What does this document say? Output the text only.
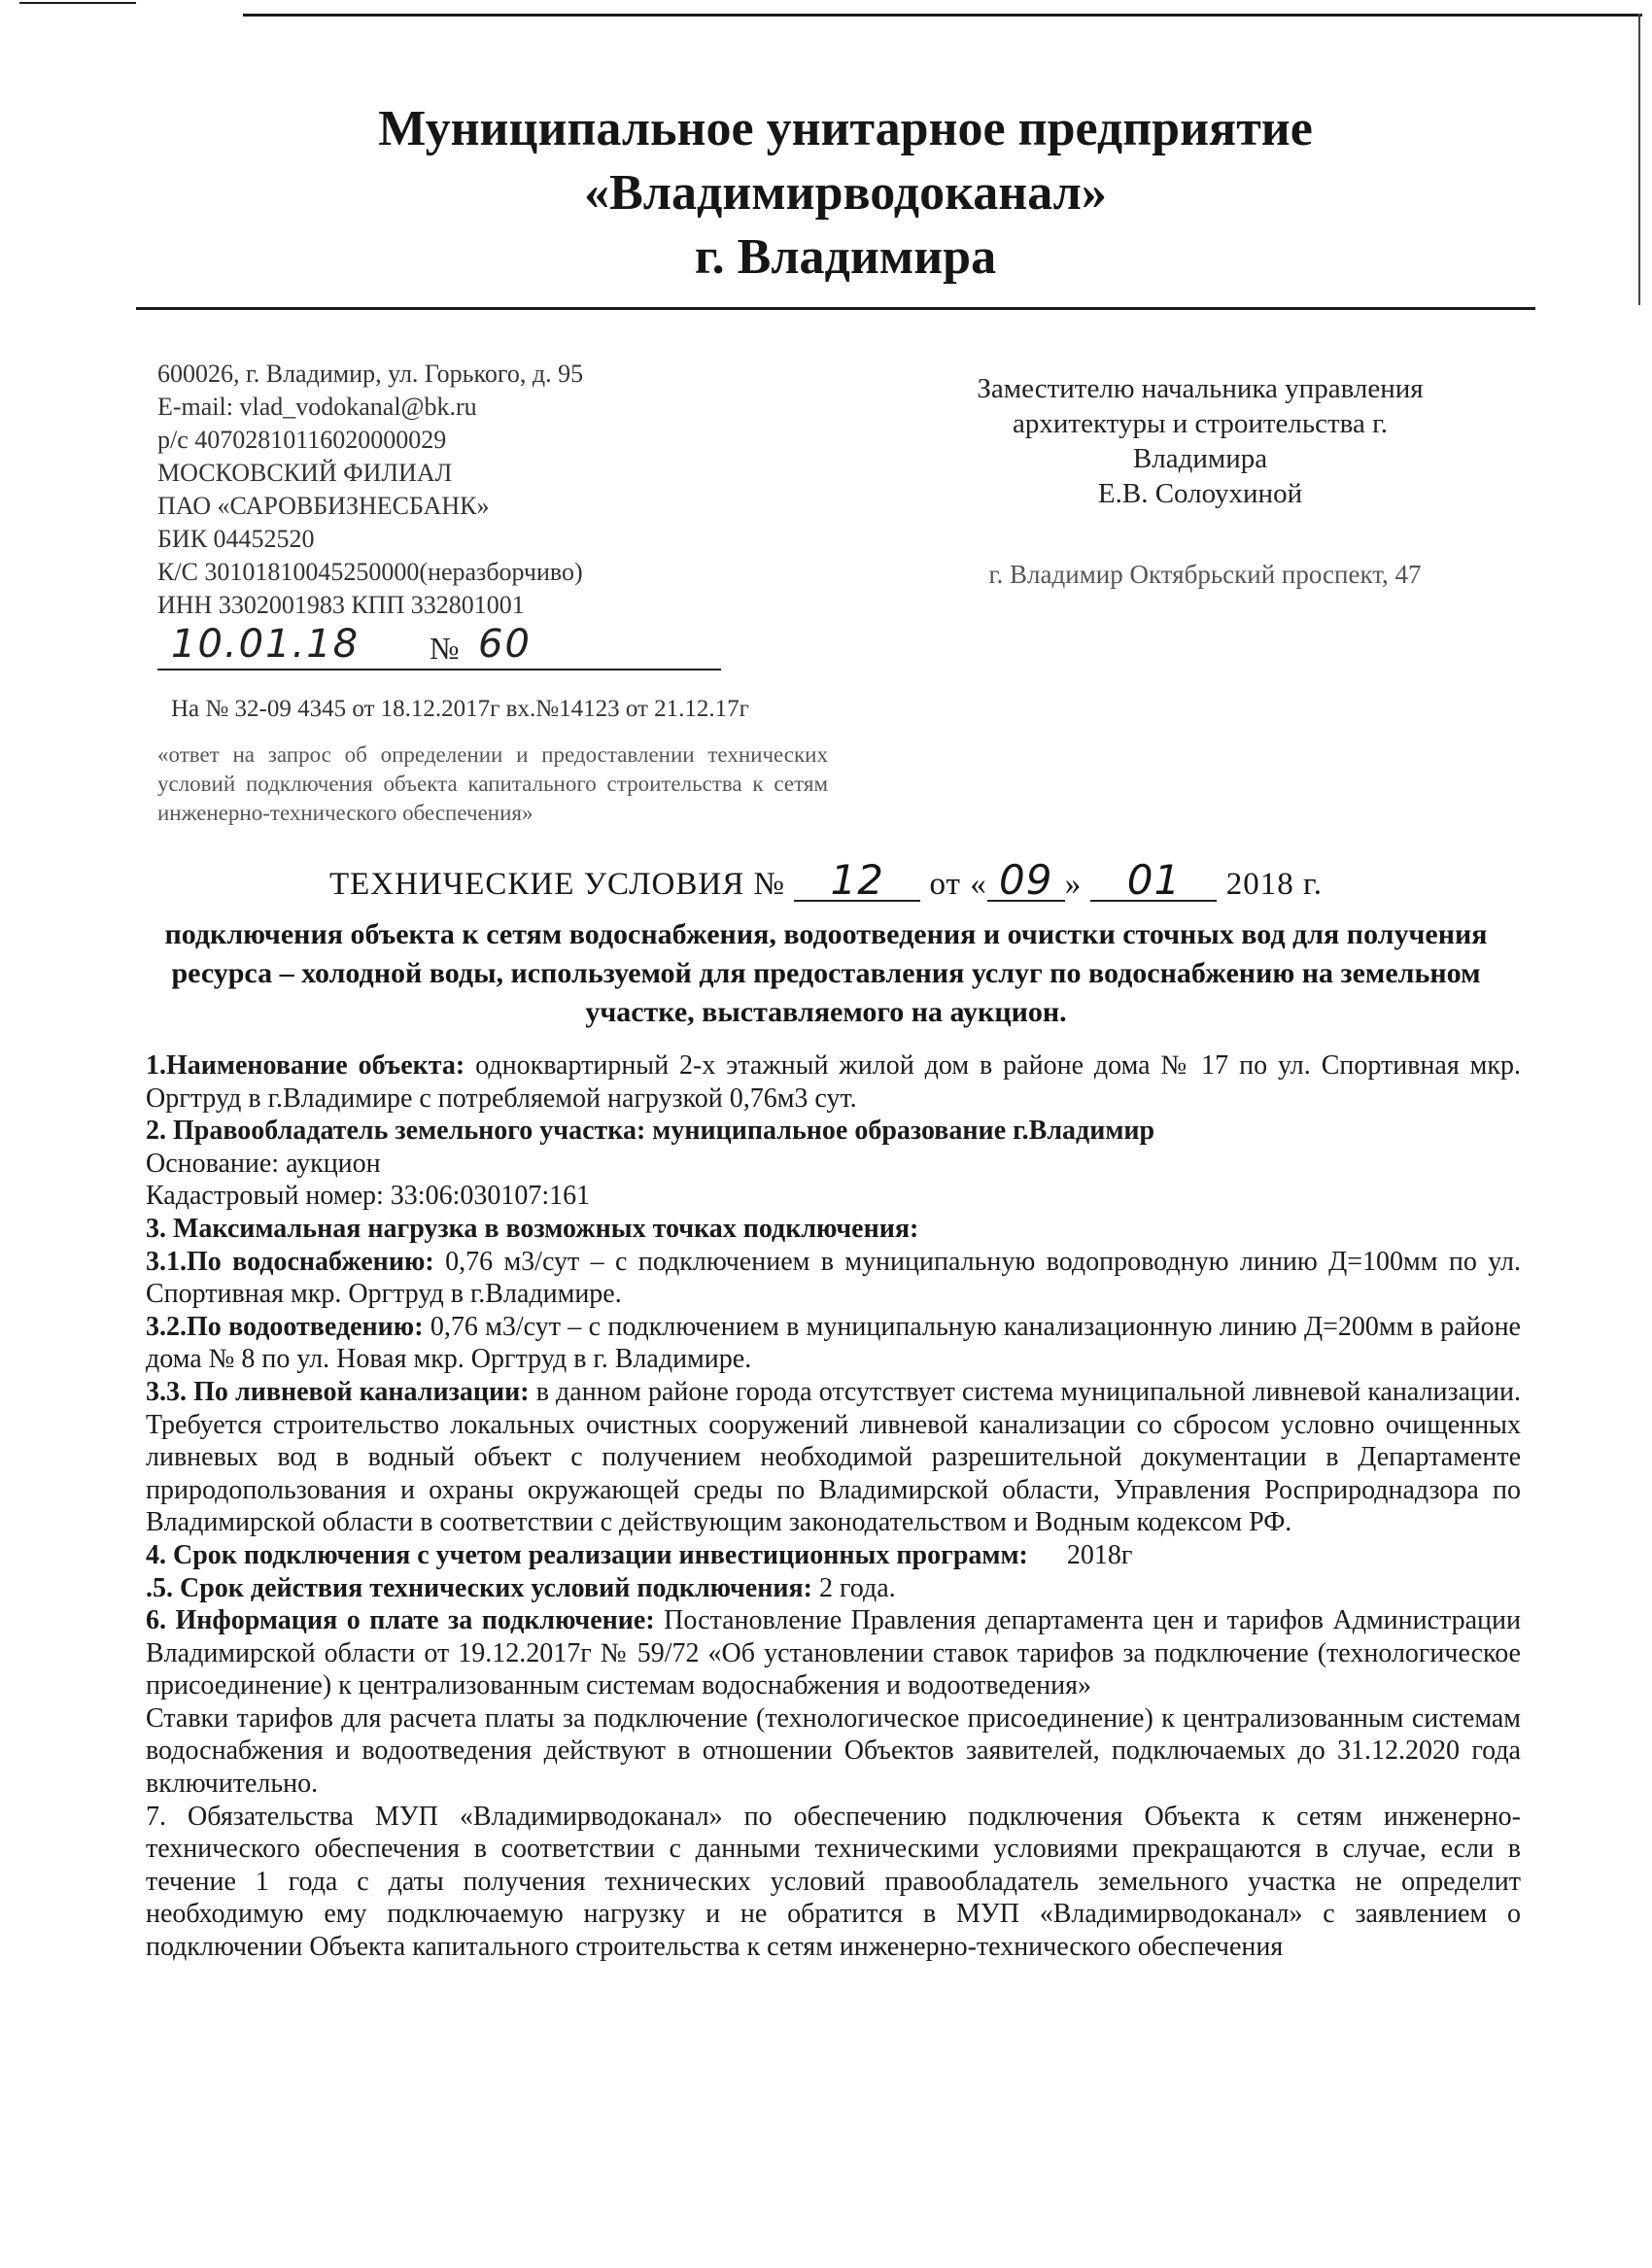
Муниципальное унитарное предприятие
«Владимирводоканал»
г. Владимира
600026, г. Владимир, ул. Горького, д. 95
E-mail: vlad_vodokanal@bk.ru
р/с 40702810116020000029
МОСКОВСКИЙ ФИЛИАЛ
ПАО «САРОВБИЗНЕСБАНК»
БИК 04452520
К/С 30101810045250000(неразборчиво)
ИНН 3302001983 КПП 332801001
10.01.18 № 60
На № 32-09 4345 от 18.12.2017г вх.№14123 от 21.12.17г
«ответ на запрос об определении и предоставлении технических условий подключения объекта капитального строительства к сетям инженерно-технического обеспечения»
Заместителю начальника управления
архитектуры и строительства г.
Владимира
Е.В. Солоухиной
г. Владимир Октябрьский проспект, 47
ТЕХНИЧЕСКИЕ УСЛОВИЯ № 12 от « 09 » 01 2018 г.
подключения объекта к сетям водоснабжения, водоотведения и очистки сточных вод для получения ресурса – холодной воды, используемой для предоставления услуг по водоснабжению на земельном участке, выставляемого на аукцион.

1.Наименование объекта: одноквартирный 2-х этажный жилой дом в районе дома № 17 по ул. Спортивная мкр. Оргтруд в г.Владимире с потребляемой нагрузкой 0,76м3 сут.

2. Правообладатель земельного участка: муниципальное образование г.Владимир

Основание: аукцион

Кадастровый номер: 33:06:030107:161

3. Максимальная нагрузка в возможных точках подключения:

3.1.По водоснабжению: 0,76 м3/сут – с подключением в муниципальную водопроводную линию Д=100мм по ул. Спортивная мкр. Оргтруд в г.Владимире.

3.2.По водоотведению: 0,76 м3/сут – с подключением в муниципальную канализационную линию Д=200мм в районе дома № 8 по ул. Новая мкр. Оргтруд в г. Владимире.

3.3. По ливневой канализации: в данном районе города отсутствует система муниципальной ливневой канализации. Требуется строительство локальных очистных сооружений ливневой канализации со сбросом условно очищенных ливневых вод в водный объект с получением необходимой разрешительной документации в Департаменте природопользования и охраны окружающей среды по Владимирской области, Управления Росприроднадзора по Владимирской области в соответствии с действующим законодательством и Водным кодексом РФ.

4. Срок подключения с учетом реализации инвестиционных программ: 2018г

.5. Срок действия технических условий подключения: 2 года.

6. Информация о плате за подключение: Постановление Правления департамента цен и тарифов Администрации Владимирской области от 19.12.2017г № 59/72 «Об установлении ставок тарифов за подключение (технологическое присоединение) к централизованным системам водоснабжения и водоотведения»

Ставки тарифов для расчета платы за подключение (технологическое присоединение) к централизованным системам водоснабжения и водоотведения действуют в отношении Объектов заявителей, подключаемых до 31.12.2020 года включительно.

7. Обязательства МУП «Владимирводоканал» по обеспечению подключения Объекта к сетям инженерно-технического обеспечения в соответствии с данными техническими условиями прекращаются в случае, если в течение 1 года с даты получения технических условий правообладатель земельного участка не определит необходимую ему подключаемую нагрузку и не обратится в МУП «Владимирводоканал» с заявлением о подключении Объекта капитального строительства к сетям инженерно-технического обеспечения
